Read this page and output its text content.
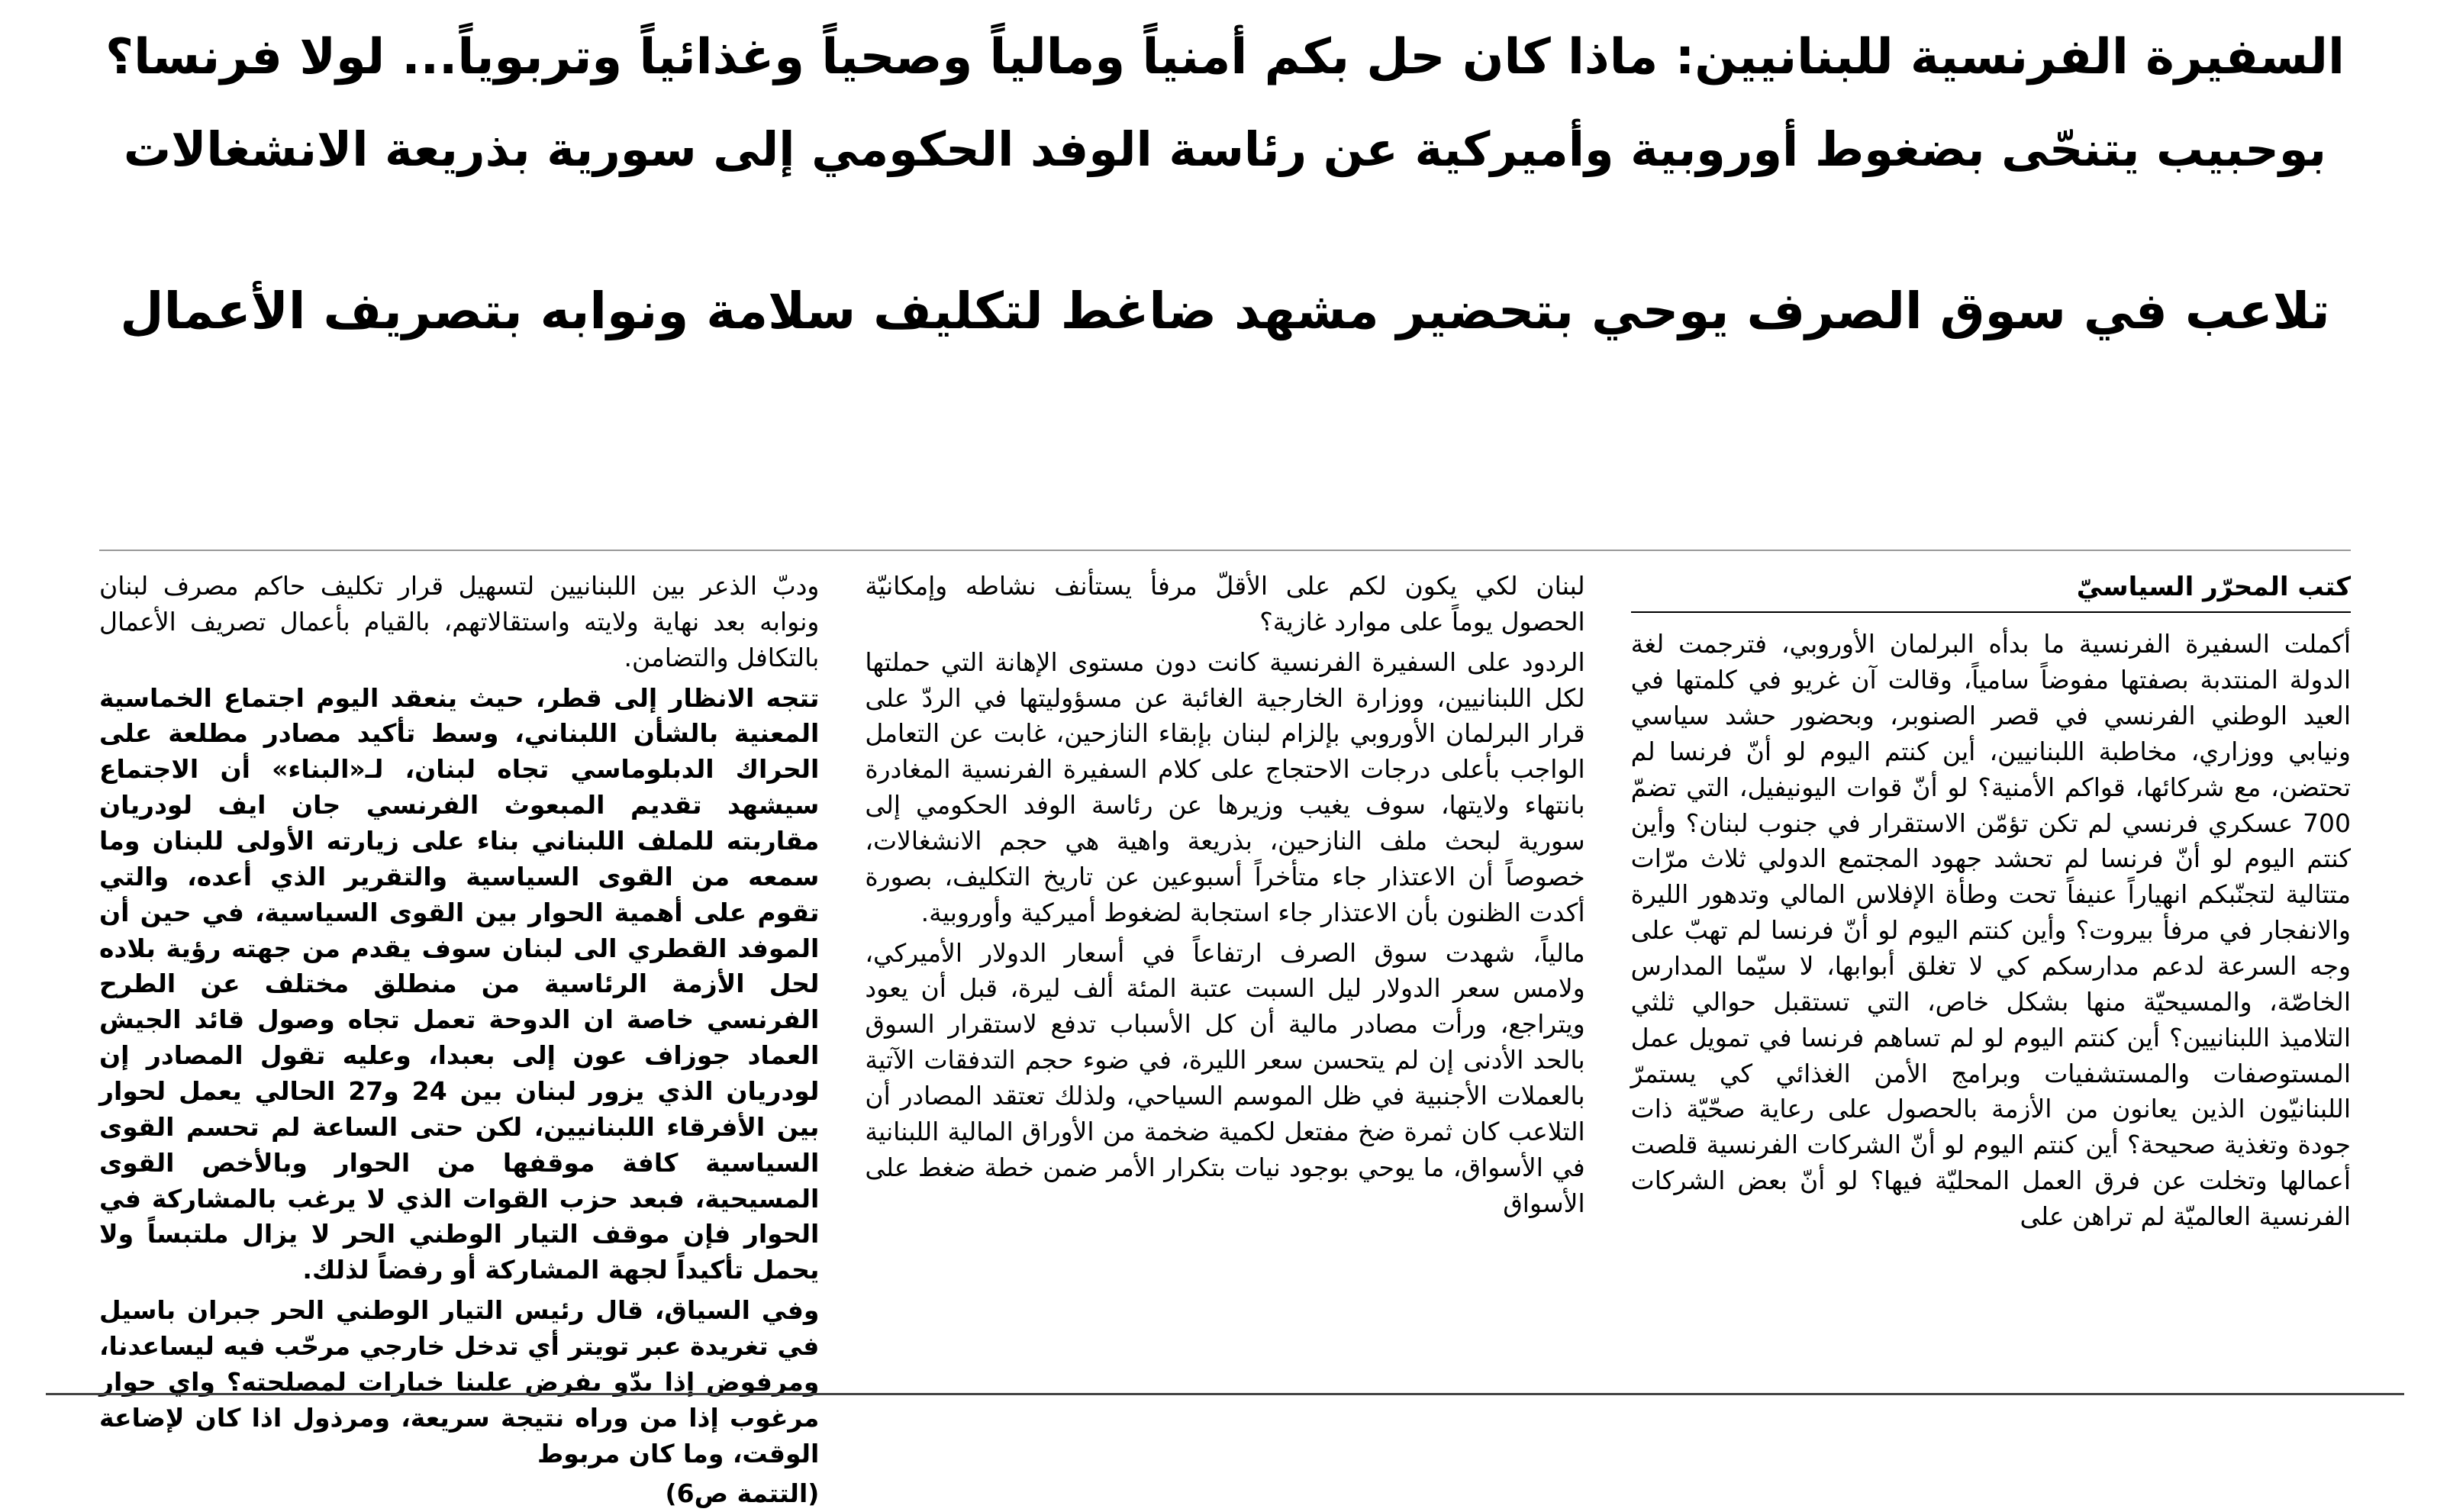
السفيرة الفرنسية للبنانيين: ماذا كان حل بكم أمنياً ومالياً وصحياً وغذائياً وتربوياً... لولا فرنسا؟
بوحبيب يتنحّى بضغوط أوروبية وأميركية عن رئاسة الوفد الحكومي إلى سورية بذريعة الانشغالات
تلاعب في سوق الصرف يوحي بتحضير مشهد ضاغط لتكليف سلامة ونوابه بتصريف الأعمال
كتب المحرّر السياسيّ

أكملت السفيرة الفرنسية ما بدأه البرلمان الأوروبي، فترجمت لغة الدولة المنتدبة بصفتها مفوضاً سامياً، وقالت آن غريو في كلمتها في العيد الوطني الفرنسي في قصر الصنوبر، وبحضور حشد سياسي ونيابي ووزاري، مخاطبة اللبنانيين، أين كنتم اليوم لو أنّ فرنسا لم تحتضن، مع شركائها، قواكم الأمنية؟ لو أنّ قوات اليونيفيل، التي تضمّ 700 عسكري فرنسي لم تكن تؤمّن الاستقرار في جنوب لبنان؟ وأين كنتم اليوم لو أنّ فرنسا لم تحشد جهود المجتمع الدولي ثلاث مرّات متتالية لتجنّبكم انهياراً عنيفاً تحت وطأة الإفلاس المالي وتدهور الليرة والانفجار في مرفأ بيروت؟ وأين كنتم اليوم لو أنّ فرنسا لم تهبّ على وجه السرعة لدعم مدارسكم كي لا تغلق أبوابها، لا سيّما المدارس الخاصّة، والمسيحيّة منها بشكل خاص، التي تستقبل حوالي ثلثي التلاميذ اللبنانيين؟ أين كنتم اليوم لو لم تساهم فرنسا في تمويل عمل المستوصفات والمستشفيات وبرامج الأمن الغذائي كي يستمرّ اللبنانيّون الذين يعانون من الأزمة بالحصول على رعاية صحّيّة ذات جودة وتغذية صحيحة؟ أين كنتم اليوم لو أنّ الشركات الفرنسية قلصت أعمالها وتخلت عن فرق العمل المحليّة فيها؟ لو أنّ بعض الشركات الفرنسية العالميّة لم تراهن على

لبنان لكي يكون لكم على الأقلّ مرفأ يستأنف نشاطه وإمكانيّة الحصول يوماً على موارد غازية؟

الردود على السفيرة الفرنسية كانت دون مستوى الإهانة التي حملتها لكل اللبنانيين، ووزارة الخارجية الغائبة عن مسؤوليتها في الردّ على قرار البرلمان الأوروبي بإلزام لبنان بإبقاء النازحين، غابت عن التعامل الواجب بأعلى درجات الاحتجاج على كلام السفيرة الفرنسية المغادرة بانتهاء ولايتها، سوف يغيب وزيرها عن رئاسة الوفد الحكومي إلى سورية لبحث ملف النازحين، بذريعة واهية هي حجم الانشغالات، خصوصاً أن الاعتذار جاء متأخراً أسبوعين عن تاريخ التكليف، بصورة أكدت الظنون بأن الاعتذار جاء استجابة لضغوط أميركية وأوروبية.

مالياً، شهدت سوق الصرف ارتفاعاً في أسعار الدولار الأميركي، ولامس سعر الدولار ليل السبت عتبة المئة ألف ليرة، قبل أن يعود ويتراجع، ورأت مصادر مالية أن كل الأسباب تدفع لاستقرار السوق بالحد الأدنى إن لم يتحسن سعر الليرة، في ضوء حجم التدفقات الآتية بالعملات الأجنبية في ظل الموسم السياحي، ولذلك تعتقد المصادر أن التلاعب كان ثمرة ضخ مفتعل لكمية ضخمة من الأوراق المالية اللبنانية في الأسواق، ما يوحي بوجود نيات بتكرار الأمر ضمن خطة ضغط على الأسواق

ودبّ الذعر بين اللبنانيين لتسهيل قرار تكليف حاكم مصرف لبنان ونوابه بعد نهاية ولايته واستقالاتهم، بالقيام بأعمال تصريف الأعمال بالتكافل والتضامن.

تتجه الانظار إلى قطر، حيث ينعقد اليوم اجتماع الخماسية المعنية بالشأن اللبناني، وسط تأكيد مصادر مطلعة على الحراك الدبلوماسي تجاه لبنان، لـ«البناء» أن الاجتماع سيشهد تقديم المبعوث الفرنسي جان ايف لودريان مقاربته للملف اللبناني بناء على زيارته الأولى للبنان وما سمعه من القوى السياسية والتقرير الذي أعده، والتي تقوم على أهمية الحوار بين القوى السياسية، في حين أن الموفد القطري الى لبنان سوف يقدم من جهته رؤية بلاده لحل الأزمة الرئاسية من منطلق مختلف عن الطرح الفرنسي خاصة ان الدوحة تعمل تجاه وصول قائد الجيش العماد جوزاف عون إلى بعبدا، وعليه تقول المصادر إن لودريان الذي يزور لبنان بين 24 و27 الحالي يعمل لحوار بين الأفرقاء اللبنانيين، لكن حتى الساعة لم تحسم القوى السياسية كافة موقفها من الحوار وبالأخص القوى المسيحية، فبعد حزب القوات الذي لا يرغب بالمشاركة في الحوار فإن موقف التيار الوطني الحر لا يزال ملتبساً ولا يحمل تأكيداً لجهة المشاركة أو رفضاً لذلك.

وفي السياق، قال رئيس التيار الوطني الحر جبران باسيل في تغريدة عبر تويتر أي تدخل خارجي مرحّب فيه ليساعدنا، ومرفوض إذا بدّو يفرض علينا خيارات لمصلحته؟ واي حوار مرغوب إذا من وراه نتيجة سريعة، ومرذول اذا كان لإضاعة الوقت، وما كان مربوط

(التتمة ص6)
